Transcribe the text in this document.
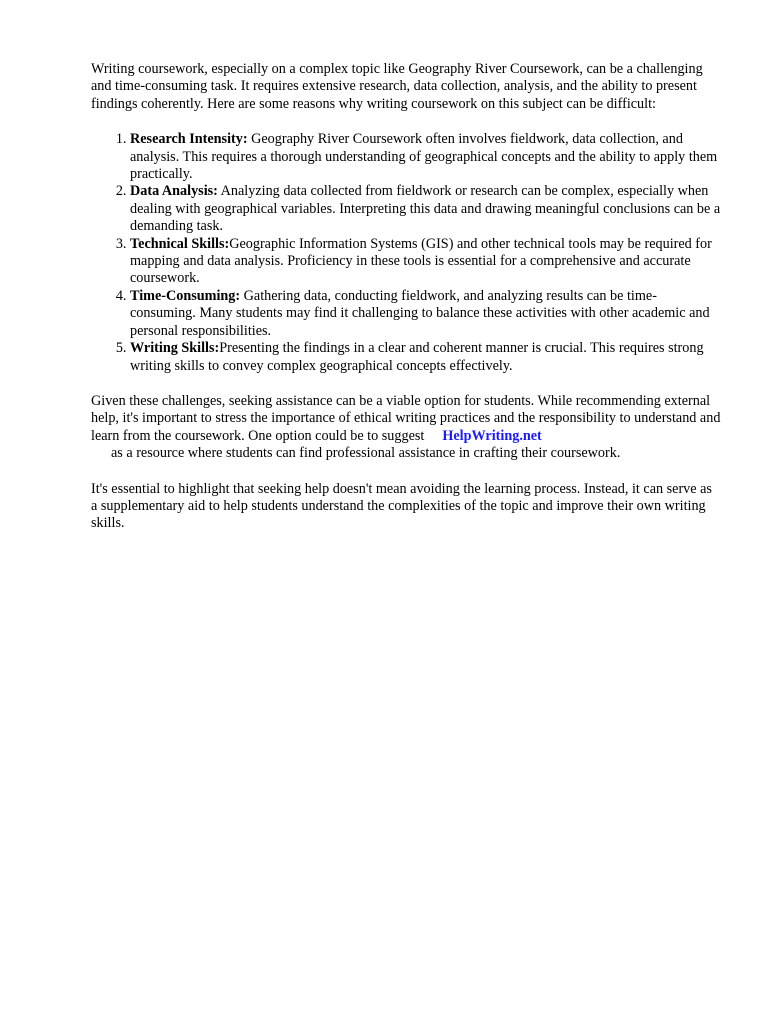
Writing coursework, especially on a complex topic like Geography River Coursework, can be a challenging and time-consuming task. It requires extensive research, data collection, analysis, and the ability to present findings coherently. Here are some reasons why writing coursework on this subject can be difficult:

1. Research Intensity: Geography River Coursework often involves fieldwork, data collection, and analysis. This requires a thorough understanding of geographical concepts and the ability to apply them practically.
2. Data Analysis: Analyzing data collected from fieldwork or research can be complex, especially when dealing with geographical variables. Interpreting this data and drawing meaningful conclusions can be a demanding task.
3. Technical Skills:Geographic Information Systems (GIS) and other technical tools may be required for mapping and data analysis. Proficiency in these tools is essential for a comprehensive and accurate coursework.
4. Time-Consuming: Gathering data, conducting fieldwork, and analyzing results can be time-consuming. Many students may find it challenging to balance these activities with other academic and personal responsibilities.
5. Writing Skills:Presenting the findings in a clear and coherent manner is crucial. This requires strong writing skills to convey complex geographical concepts effectively.

Given these challenges, seeking assistance can be a viable option for students. While recommending external help, it's important to stress the importance of ethical writing practices and the responsibility to understand and learn from the coursework. One option could be to suggest HelpWriting.net
as a resource where students can find professional assistance in crafting their coursework.

It's essential to highlight that seeking help doesn't mean avoiding the learning process. Instead, it can serve as a supplementary aid to help students understand the complexities of the topic and improve their own writing skills.
